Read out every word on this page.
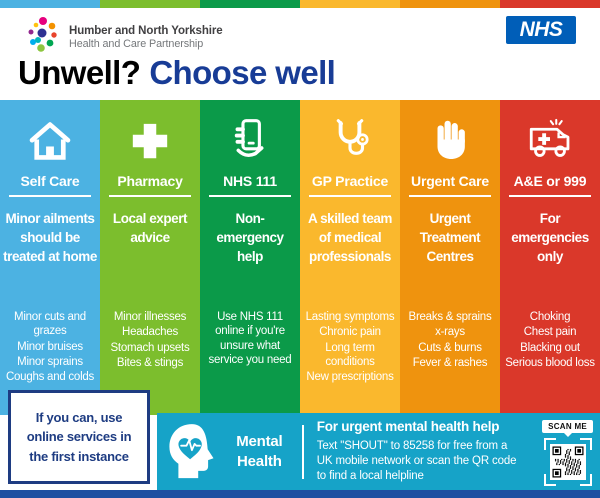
Humber and North Yorkshire
Health and Care Partnership
NHS
Unwell? Choose well
Self Care
Minor ailments should be treated at home
Minor cuts and grazes
Minor bruises
Minor sprains
Coughs and colds
Pharmacy
Local expert advice
Minor illnesses
Headaches
Stomach upsets
Bites & stings
NHS 111
Non-emergency help
Use NHS 111 online if you're unsure what service you need
GP Practice
A skilled team of medical professionals
Lasting symptoms
Chronic pain
Long term conditions
New prescriptions
Urgent Care
Urgent Treatment Centres
Breaks & sprains
x-rays
Cuts & burns
Fever & rashes
A&E or 999
For emergencies only
Choking
Chest pain
Blacking out
Serious blood loss
If you can, use online services in the first instance
Mental Health
For urgent mental health help
Text "SHOUT" to 85258 for free from a UK mobile network or scan the QR code to find a local helpline
SCAN ME
